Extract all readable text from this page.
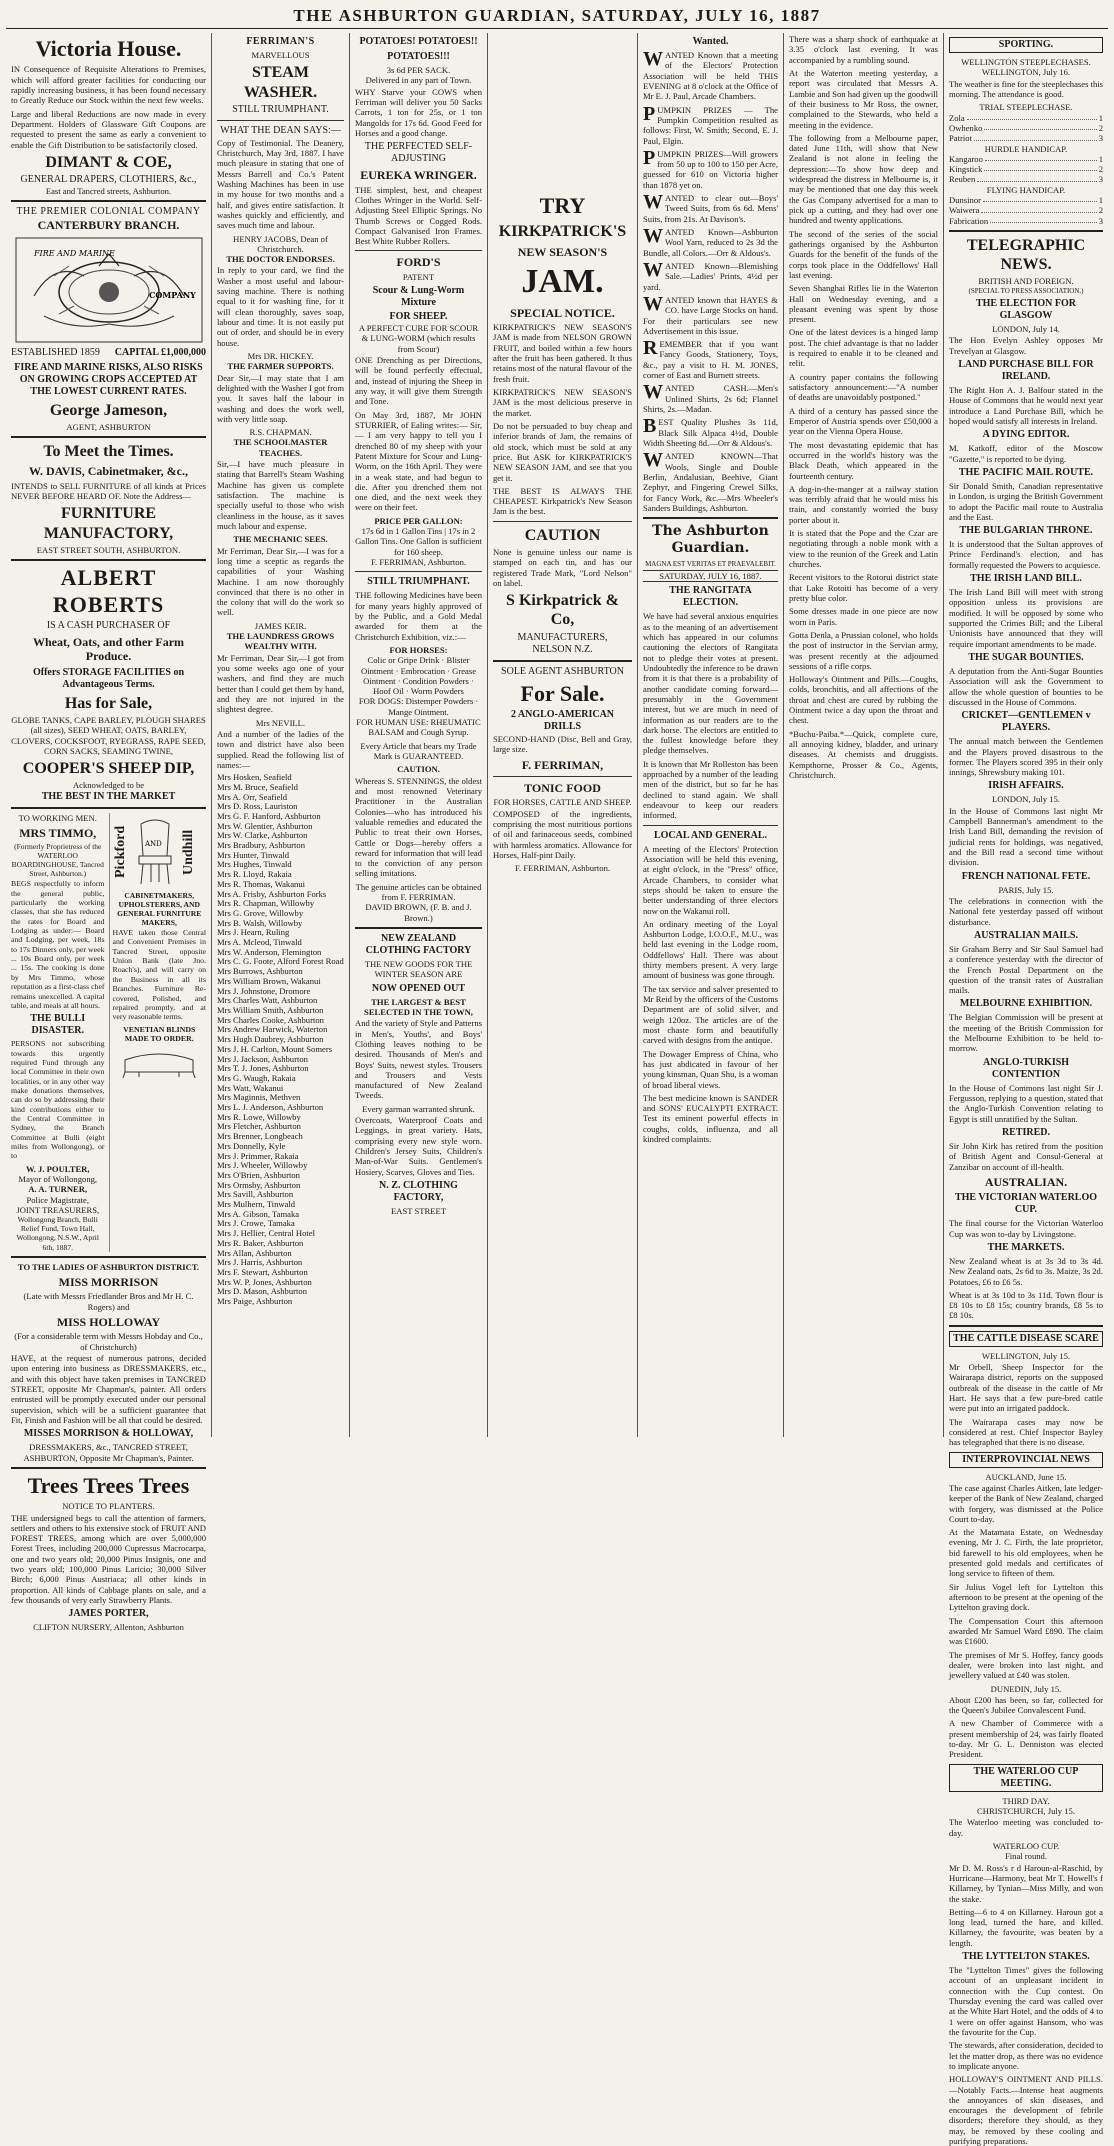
THE ASHBURTON GUARDIAN, SATURDAY, JULY 16, 1887
Victoria House.

IN Consequence of Requisite Alterations to Premises, which will afford greater facilities for conducting our rapidly increasing business, it has been found necessary to Greatly Reduce our Stock within the next few weeks.

Large and liberal Reductions are now made in every Department. Holders of Glassware Gift Coupons are requested to present the same as early a convenient to enable the Gift Distribution to be satisfactorily closed.

DIMANT & COE,
GENERAL DRAPERS, CLOTHIERS, &c.,
East and Tancred streets, Ashburton.
THE PREMIER COLONIAL COMPANY
CANTERBURY BRANCH.
FIRE AND MARINE
COMPANY
ESTABLISHED 1859 CAPITAL £1,000,000
FIRE AND MARINE RISKS, ALSO RISKS ON GROWING CROPS ACCEPTED AT THE LOWEST CURRENT RATES.
George Jameson,
AGENT, ASHBURTON
To Meet the Times.
W. DAVIS, Cabinetmaker, &c.,

INTENDS to SELL FURNITURE of all kinds at Prices NEVER BEFORE HEARD OF. Note the Address—

FURNITURE MANUFACTORY,
EAST STREET SOUTH, ASHBURTON.
ALBERT ROBERTS
IS A CASH PURCHASER OF
Wheat, Oats, and other Farm Produce.
Offers STORAGE FACILITIES on Advantageous Terms.
Has for Sale,
GLOBE TANKS, CAPE BARLEY, PLOUGH SHARES (all sizes), SEED WHEAT, OATS, BARLEY, CLOVERS, COCKSFOOT, RYEGRASS, RAPE SEED, CORN SACKS, SEAMING TWINE,
COOPER'S SHEEP DIP,
Acknowledged to be
THE BEST IN THE MARKET
TO WORKING MEN.
MRS TIMMO,
(Formerly Proprietress of the WATERLOO BOARDINGHOUSE, Tancred Street, Ashburton.)

BEGS respectfully to inform the general public, particularly the working classes, that she has reduced the rates for Board and Lodging as under:— Board and Lodging, per week, 18s to 17s Dinners only, per week ... 10s Board only, per week ... 15s. The cooking is done by Mrs Timmo, whose reputation as a first-class chef remains unexcelled. A capital table, and meals at all hours.

THE BULLI DISASTER.

PERSONS not subscribing towards this urgently required Fund through any local Committee in their own localities, or in any other way make donations themselves, can do so by addressing their kind contributions either to the Central Committee in Sydney, the Branch Committee at Bulli (eight miles from Wollongong), or to

W. J. POULTER,
Mayor of Wollongong,
A. A. TURNER,
Police Magistrate,
JOINT TREASURERS,
Wollongong Branch, Bulli Relief Fund, Town Hall, Wollongong, N.S.W., April 6th, 1887.
Pickford	AND Undhill
CABINETMAKERS, UPHOLSTERERS, AND GENERAL FURNITURE MAKERS,

HAVE taken those Central and Convenient Premises in Tancred Street, opposite Union Bank (late Jno. Roach's), and will carry on the Business in all its Branches. Furniture Re-covered, Polished, and repaired promptly, and at very reasonable terms.

VENETIAN BLINDS MADE TO ORDER.
TO THE LADIES OF ASHBURTON DISTRICT.
MISS MORRISON
(Late with Messrs Friedlander Bros and Mr H. C. Rogers) and
MISS HOLLOWAY
(For a considerable term with Messrs Hobday and Co., of Christchurch)

HAVE, at the request of numerous patrons, decided upon entering into business as DRESSMAKERS, etc., and with this object have taken premises in TANCRED STREET, opposite Mr Chapman's, painter. All orders entrusted will be promptly executed under our personal supervision, which will be a sufficient guarantee that Fit, Finish and Fashion will be all that could be desired.

MISSES MORRISON & HOLLOWAY,
DRESSMAKERS, &c., TANCRED STREET, ASHBURTON, Opposite Mr Chapman's, Painter.
Trees Trees Trees
NOTICE TO PLANTERS.

THE undersigned begs to call the attention of farmers, settlers and others to his extensive stock of FRUIT AND FOREST TREES, among which are over 5,000,000 Forest Trees, including 200,000 Cupressus Macrocarpa, one and two years old; 20,000 Pinus Insignis, one and two years old; 100,000 Pinus Laricio; 30,000 Silver Birch; 6,000 Pinus Austriaca; all other kinds in proportion. All kinds of Cabbage plants on sale, and a few thousands of very early Strawberry Plants.

JAMES PORTER,
CLIFTON NURSERY, Allenton, Ashburton
FERRIMAN'S
MARVELLOUS
STEAM WASHER.
STILL TRIUMPHANT.
WHAT THE DEAN SAYS:—

Copy of Testimonial. The Deanery, Christchurch, May 3rd, 1887. I have much pleasure in stating that one of Messrs Barrell and Co.'s Patent Washing Machines has been in use in my house for two months and a half, and gives entire satisfaction. It washes quickly and efficiently, and saves much time and labour.

HENRY JACOBS, Dean of Christchurch.
THE DOCTOR ENDORSES.

In reply to your card, we find the Washer a most useful and labour-saving machine. There is nothing equal to it for washing fine, for it will clean thoroughly, saves soap, labour and time. It is not easily put out of order, and should be in every house.

Mrs DR. HICKEY.
THE FARMER SUPPORTS.

Dear Sir,—I may state that I am delighted with the Washer I got from you. It saves half the labour in washing and does the work well, with very little soap.

R.S. CHAPMAN.
THE SCHOOLMASTER TEACHES.

Sir,—I have much pleasure in stating that Barrell's Steam Washing Machine has given us complete satisfaction. The machine is specially useful to those who wish cleanliness in the house, as it saves much labour and expense.

THE MECHANIC SEES.

Mr Ferriman, Dear Sir,—I was for a long time a sceptic as regards the capabilities of your Washing Machine. I am now thoroughly convinced that there is no other in the colony that will do the work so well.

JAMES KEIR.
THE LAUNDRESS GROWS WEALTHY WITH.

Mr Ferriman, Dear Sir,—I got from you some weeks ago one of your washers, and find they are much better than I could get them by hand, and they are not injured in the slightest degree.

Mrs NEVILL.

And a number of the ladies of the town and district have also been supplied. Read the following list of names:—

Mrs Hosken, Seafield
Mrs M. Bruce, Seafield
Mrs A. Orr, Seafield
Mrs D. Ross, Lauriston
Mrs G. F. Hanford, Ashburton
Mrs W. Glentier, Ashburton
Mrs W. Clarke, Ashburton
Mrs Bradbury, Ashburton
Mrs Hunter, Tinwald
Mrs Hughes, Tinwald
Mrs R. Lloyd, Rakaia
Mrs R. Thomas, Wakanui
Mrs A. Frisby, Ashburton Forks
Mrs R. Chapman, Willowby
Mrs G. Grove, Willowby
Mrs B. Walsh, Willowby
Mrs J. Hearn, Ruling
Mrs A. Mcleod, Tinwald
Mrs W. Anderson, Flemington
Mrs C. G. Foote, Alford Forest Road
Mrs Burrows, Ashburton
Mrs William Brown, Wakanui
Mrs J. Johnstone, Dromore
Mrs Charles Watt, Ashburton
Mrs William Smith, Ashburton
Mrs Charles Cooke, Ashburton
Mrs Andrew Harwick, Waterton
Mrs Hugh Daubrey, Ashburton
Mrs J. H. Carlton, Mount Somers
Mrs J. Jackson, Ashburton
Mrs T. J. Jones, Ashburton
Mrs G. Waugh, Rakaia
Mrs Watt, Wakanui
Mrs Maginnis, Methven
Mrs L. J. Anderson, Ashburton
Mrs R. Lowe, Willowby
Mrs Fletcher, Ashburton
Mrs Brenner, Longbeach
Mrs Donnelly, Kyle
Mrs J. Primmer, Rakaia
Mrs J. Wheeler, Willowby
Mrs O'Brien, Ashburton
Mrs Ormsby, Ashburton
Mrs Savill, Ashburton
Mrs Mulhern, Tinwald
Mrs A. Gibson, Tamaka
Mrs J. Crowe, Tamaka
Mrs J. Hellier, Central Hotel
Mrs R. Baker, Ashburton
Mrs Allan, Ashburton
Mrs J. Harris, Ashburton
Mrs F. Stewart, Ashburton
Mrs W. P. Jones, Ashburton
Mrs D. Mason, Ashburton
Mrs Paige, Ashburton
POTATOES! POTATOES!!
POTATOES!!!
3s 6d PER SACK.
Delivered in any part of Town.

WHY Starve your COWS when Ferriman will deliver you 50 Sacks Carrots, 1 ton for 25s, or 1 ton Mangolds for 17s 6d. Good Feed for Horses and a good change.

THE PERFECTED SELF-ADJUSTING
EUREKA WRINGER.

THE simplest, best, and cheapest Clothes Wringer in the World. Self-Adjusting Steel Elliptic Springs. No Thumb Screws or Cogged Rods. Compact Galvanised Iron Frames. Best White Rubber Rollers.

FORD'S
PATENT
Scour & Lung-Worm Mixture
FOR SHEEP.
A PERFECT CURE FOR SCOUR & LUNG-WORM (which results from Scour)

ONE Drenching as per Directions, will be found perfectly effectual, and, instead of injuring the Sheep in any way, it will give them Strength and Tone.

On May 3rd, 1887, Mr JOHN STURRIER, of Ealing writes:— Sir,— I am very happy to tell you I drenched 80 of my sheep with your Patent Mixture for Scour and Lung-Worm, on the 16th April. They were in a weak state, and had begun to die. After you drenched them not one died, and the next week they were on their feet.

PRICE PER GALLON:
17s 6d in 1 Gallon Tins | 17s in 2 Gallon Tins. One Gallon is sufficient for 160 sheep.
F. FERRIMAN, Ashburton.
STILL TRIUMPHANT.

THE following Medicines have been for many years highly approved of by the Public, and a Gold Medal awarded for them at the Christchurch Exhibition, viz.:—

FOR HORSES:
Colic or Gripe Drink · Blister Ointment · Embrocation · Grease Ointment · Condition Powders · Hoof Oil · Worm Powders
FOR DOGS: Distemper Powders · Mange Ointment.
FOR HUMAN USE: RHEUMATIC BALSAM and Cough Syrup.
Every Article that bears my Trade Mark is GUARANTEED.
CAUTION.

Whereas S. STENNINGS, the oldest and most renowned Veterinary Practitioner in the Australian Colonies—who has introduced his valuable remedies and educated the Public to treat their own Horses, Cattle or Dogs—hereby offers a reward for information that will lead to the conviction of any person selling imitations.

The genuine articles can be obtained from F. FERRIMAN.
DAVID BROWN, (F. B. and J. Brown.)
NEW ZEALAND CLOTHING FACTORY
THE NEW GOODS FOR THE WINTER SEASON ARE
NOW OPENED OUT
THE LARGEST & BEST SELECTED IN THE TOWN,

And the variety of Style and Patterns in Men's, Youths', and Boys' Clothing leaves nothing to be desired. Thousands of Men's and Boys' Suits, newest styles. Trousers and Trousers and Vests manufactured of New Zealand Tweeds.

Every garman warranted shrunk.

Overcoats, Waterproof Coats and Leggings, in great variety. Hats, comprising every new style worn. Children's Jersey Suits, Children's Man-of-War Suits. Gentlemen's Hosiery, Scarves, Gloves and Ties.

N. Z. CLOTHING FACTORY,
EAST STREET
TRY
KIRKPATRICK'S
NEW SEASON'S
JAM.
SPECIAL NOTICE.

KIRKPATRICK'S NEW SEASON'S JAM is made from NELSON GROWN FRUIT, and boiled within a few hours after the fruit has been gathered. It thus retains most of the natural flavour of the fresh fruit.

KIRKPATRICK'S NEW SEASON'S JAM is the most delicious preserve in the market.

Do not be persuaded to buy cheap and inferior brands of Jam, the remains of old stock, which must be sold at any price. But ASK for KIRKPATRICK'S NEW SEASON JAM, and see that you get it.

THE BEST IS ALWAYS THE CHEAPEST. Kirkpatrick's New Season Jam is the best.

CAUTION

None is genuine unless our name is stamped on each tin, and has our registered Trade Mark, "Lord Nelson" on label.

S Kirkpatrick & Co,
MANUFACTURERS,
NELSON N.Z.
SOLE AGENT ASHBURTON
For Sale.
2 ANGLO-AMERICAN DRILLS

SECOND-HAND (Disc, Bell and Gray, large size.

F. FERRIMAN,
TONIC FOOD
FOR HORSES, CATTLE AND SHEEP.

COMPOSED of the ingredients, comprising the most nutritious portions of oil and farinaceous seeds, combined with harmless aromatics. Allowance for Horses, Half-pint Daily.

F. FERRIMAN, Ashburton.
Wanted.

WANTED Known that a meeting of the Electors' Protection Association will be held THIS EVENING at 8 o'clock at the Office of Mr E. J. Paul, Arcade Chambers.

PUMPKIN PRIZES — The Pumpkin Competition resulted as follows: First, W. Smith; Second, E. J. Paul, Elgin.

PUMPKIN PRIZES—Will growers from 50 up to 100 to 150 per Acre, guessed for 610 on Victoria higher than 1878 yet on.

WANTED to clear out—Boys' Tweed Suits, from 6s 6d. Mens' Suits, from 21s. At Davison's.

WANTED Known—Ashburton Wool Yarn, reduced to 2s 3d the Bundle, all Colors.—Orr & Aldous's.

WANTED Known—Blemishing Sale.—Ladies' Prints, 4½d per yard.

WANTED known that HAYES & CO. have Large Stocks on hand. For their particulars see new Advertisement in this issue.

REMEMBER that if you want Fancy Goods, Stationery, Toys, &c., pay a visit to H. M. JONES, corner of East and Burnett streets.

WANTED CASH.—Men's Unlined Shirts, 2s 6d; Flannel Shirts, 2s.—Madan.

BEST Quality Plushes 3s 11d, Black Silk Alpaca 4½d, Double Width Sheeting 8d.—Orr & Aldous's.

WANTED KNOWN—That Wools, Single and Double Berlin, Andalusian, Beehive, Giant Zephyr, and Fingering Crewel Silks, for Fancy Work, &c.—Mrs Wheeler's Sanders Buildings, Ashburton.

The Ashburton Guardian.
MAGNA EST VERITAS ET PRAEVALEBIT.
SATURDAY, JULY 16, 1887.
THE RANGITATA ELECTION.

We have had several anxious enquiries as to the meaning of an advertisement which has appeared in our columns cautioning the electors of Rangitata not to pledge their votes at present. Undoubtedly the inference to be drawn from it is that there is a probability of another candidate coming forward—presumably in the Government interest, but we are much in need of information as our readers are to the dark horse. The electors are entitled to the fullest knowledge before they pledge themselves.

It is known that Mr Rolleston has been approached by a number of the leading men of the district, but so far he has declined to stand again. We shall endeavour to keep our readers informed.

LOCAL AND GENERAL.

A meeting of the Electors' Protection Association will be held this evening, at eight o'clock, in the "Press" office, Arcade Chambers, to consider what steps should be taken to ensure the better understanding of three electors now on the Wakanui roll.

An ordinary meeting of the Loyal Ashburton Lodge, I.O.O.F., M.U., was held last evening in the Lodge room, Oddfellows' Hall. There was about thirty members present. A very large amount of business was gone through.

The tax service and salver presented to Mr Reid by the officers of the Customs Department are of solid silver, and weigh 120oz. The articles are of the most chaste form and beautifully carved with designs from the antique.

The Dowager Empress of China, who has just abdicated in favour of her young kinsman, Quan Shu, is a woman of broad liberal views.

The best medicine known is SANDER and SONS' EUCALYPTI EXTRACT. Test its eminent powerful effects in coughs, colds, influenza, and all kindred complaints.

There was a sharp shock of earthquake at 3.35 o'clock last evening. It was accompanied by a rumbling sound.

At the Waterton meeting yesterday, a report was circulated that Messrs A. Lambie and Son had given up the goodwill of their business to Mr Ross, the owner, complained to the Stewards, who held a meeting in the evidence.

The following from a Melbourne paper, dated June 11th, will show that New Zealand is not alone in feeling the depression:—To show how deep and widespread the distress in Melbourne is, it may be mentioned that one day this week the Gas Company advertised for a man to pick up a cutting, and they had over one hundred and twenty applications.

The second of the series of the social gatherings organised by the Ashburton Guards for the benefit of the funds of the corps took place in the Oddfellows' Hall last evening.

Seven Shanghai Rifles lie in the Waterton Hall on Wednesday evening, and a pleasant evening was spent by those present.

One of the latest devices is a hinged lamp post. The chief advantage is that no ladder is required to enable it to be cleaned and relit.

A country paper contains the following satisfactory announcement:—"A number of deaths are unavoidably postponed."

A third of a century has passed since the Emperor of Austria spends over £50,000 a year on the Vienna Opera House.

The most devastating epidemic that has occurred in the world's history was the Black Death, which appeared in the fourteenth century.

A dog-in-the-manger at a railway station was terribly afraid that he would miss his train, and constantly worried the busy porter about it.

It is stated that the Pope and the Czar are negotiating through a noble monk with a view to the reunion of the Greek and Latin churches.

Recent visitors to the Rotorui district state that Lake Rotoiti has become of a very pretty blue color.

Some dresses made in one piece are now worn in Paris.

Gotta Denla, a Prussian colonel, who holds the post of instructor in the Servian army, was present recently at the adjourned sessions of a rifle corps.

Holloway's Ointment and Pills.—Coughs, colds, bronchitis, and all affections of the throat and chest are cured by rubbing the Ointment twice a day upon the throat and chest.

*Buchu-Paiba.*—Quick, complete cure, all annoying kidney, bladder, and urinary diseases. At chemists and druggists. Kempthorne, Prosser & Co., Agents, Christchurch.

SPORTING.
WELLINGTON STEEPLECHASES.
WELLINGTON, July 16.

The weather is fine for the steeplechases this morning. The attendance is good.

TRIAL STEEPLECHASE.
Zola	1
Owhenko	2
Patriot	3
HURDLE HANDICAP.
Kangaroo	1
Kingstick	2
Reuben	3
FLYING HANDICAP.
Dunsinor	1
Waiwera	2
Fabrication	3
TELEGRAPHIC NEWS.
BRITISH AND FOREIGN.
(SPECIAL TO PRESS ASSOCIATION.)
THE ELECTION FOR GLASGOW
LONDON, July 14.

The Hon Evelyn Ashley opposes Mr Trevelyan at Glasgow.

LAND PURCHASE BILL FOR IRELAND.

The Right Hon A. J. Balfour stated in the House of Commons that he would next year introduce a Land Purchase Bill, which he hoped would satisfy all interests in Ireland.

A DYING EDITOR.

M. Katkoff, editor of the Moscow "Gazette," is reported to be dying.

THE PACIFIC MAIL ROUTE.

Sir Donald Smith, Canadian representative in London, is urging the British Government to adopt the Pacific mail route to Australia and the East.

THE BULGARIAN THRONE.

It is understood that the Sultan approves of Prince Ferdinand's election, and has formally requested the Powers to acquiesce.

THE IRISH LAND BILL.

The Irish Land Bill will meet with strong opposition unless its provisions are modified. It will be opposed by some who supported the Crimes Bill; and the Liberal Unionists have announced that they will require important amendments to be made.

THE SUGAR BOUNTIES.

A deputation from the Anti-Sugar Bounties Association will ask the Government to allow the whole question of bounties to be discussed in the House of Commons.

CRICKET—GENTLEMEN v PLAYERS.

The annual match between the Gentlemen and the Players proved disastrous to the former. The Players scored 395 in their only innings, Shrewsbury making 101.

IRISH AFFAIRS.
LONDON, July 15.

In the House of Commons last night Mr Campbell Bannerman's amendment to the Irish Land Bill, demanding the revision of judicial rents for holdings, was negatived, and the Bill read a second time without division.

FRENCH NATIONAL FETE.
PARIS, July 15.

The celebrations in connection with the National fete yesterday passed off without disturbance.

AUSTRALIAN MAILS.

Sir Graham Berry and Sir Saul Samuel had a conference yesterday with the director of the French Postal Department on the question of the transit rates of Australian mails.

MELBOURNE EXHIBITION.

The Belgian Commission will be present at the meeting of the British Commission for the Melbourne Exhibition to be held to-morrow.

ANGLO-TURKISH CONTENTION

In the House of Commons last night Sir J. Fergusson, replying to a question, stated that the Anglo-Turkish Convention relating to Egypt is still unratified by the Sultan.

RETIRED.

Sir John Kirk has retired from the position of British Agent and Consul-General at Zanzibar on account of ill-health.

AUSTRALIAN.
THE VICTORIAN WATERLOO CUP.

The final course for the Victorian Waterloo Cup was won to-day by Livingstone.

THE MARKETS.

New Zealand wheat is at 3s 3d to 3s 4d. New Zealand oats, 2s 6d to 3s. Maize, 3s 2d. Potatoes, £6 to £6 5s.

Wheat is at 3s 10d to 3s 11d. Town flour is £8 10s to £8 15s; country brands, £8 5s to £8 10s.

THE CATTLE DISEASE SCARE
WELLINGTON, July 15.

Mr Orbell, Sheep Inspector for the Wairarapa district, reports on the supposed outbreak of the disease in the cattle of Mr Hart. He says that a few pure-bred cattle were put into an irrigated paddock.

The Wairarapa cases may now be considered at rest. Chief Inspector Bayley has telegraphed that there is no disease.

INTERPROVINCIAL NEWS
AUCKLAND, June 15.

The case against Charles Aitken, late ledger-keeper of the Bank of New Zealand, charged with forgery, was dismissed at the Police Court to-day.

At the Matamata Estate, on Wednesday evening, Mr J. C. Firth, the late proprietor, bid farewell to his old employees, when he presented gold medals and certificates of long service to fifteen of them.

Sir Julius Vogel left for Lyttelton this afternoon to be present at the opening of the Lyttelton graving dock.

The Compensation Court this afternoon awarded Mr Samuel Ward £890. The claim was £1600.

The premises of Mr S. Hoffey, fancy goods dealer, were broken into last night, and jewellery valued at £40 was stolen.

DUNEDIN, July 15.

About £200 has been, so far, collected for the Queen's Jubilee Convalescent Fund.

A new Chamber of Commerce with a present membership of 24, was fairly floated to-day. Mr G. L. Denniston was elected President.

THE WATERLOO CUP MEETING.
THIRD DAY.
CHRISTCHURCH, July 15.

The Waterloo meeting was concluded to-day.

WATERLOO CUP.
Final round.

Mr D. M. Ross's r d Haroun-al-Raschid, by Hurricane—Harmony, beat Mr T. Howell's f Killarney, by Tynian—Miss Milly, and won the stake.

Betting—6 to 4 on Killarney. Haroun got a long lead, turned the hare, and killed. Killarney, the favourite, was beaten by a length.

THE LYTTELTON STAKES.

The "Lyttelton Times" gives the following account of an unpleasant incident in connection with the Cup contest. On Thursday evening the card was called over at the White Hart Hotel, and the odds of 4 to 1 were on offer against Hansom, who was the favourite for the Cup.

The stewards, after consideration, decided to let the matter drop, as there was no evidence to implicate anyone.

HOLLOWAY'S OINTMENT AND PILLS.—Notably Facts.—Intense heat augments the annoyances of skin diseases, and encourages the development of febrile disorders; therefore they should, as they may, be removed by these cooling and purifying preparations.
